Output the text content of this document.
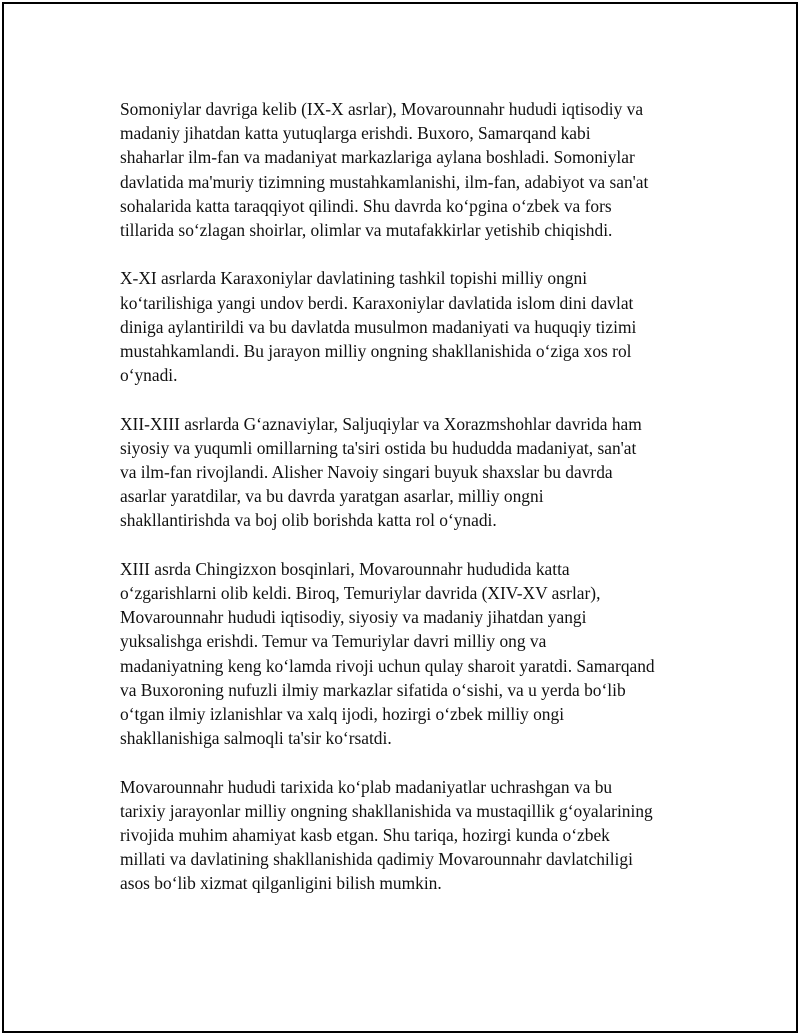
Somoniylar davriga kelib (IX-X asrlar), Movarounnahr hududi iqtisodiy va
madaniy jihatdan katta yutuqlarga erishdi. Buxoro, Samarqand kabi
shaharlar ilm-fan va madaniyat markazlariga aylana boshladi. Somoniylar
davlatida ma'muriy tizimning mustahkamlanishi, ilm-fan, adabiyot va san'at
sohalarida katta taraqqiyot qilindi. Shu davrda koʻpgina oʻzbek va fors
tillarida soʻzlagan shoirlar, olimlar va mutafakkirlar yetishib chiqishdi.

X-XI asrlarda Karaxoniylar davlatining tashkil topishi milliy ongni
koʻtarilishiga yangi undov berdi. Karaxoniylar davlatida islom dini davlat
diniga aylantirildi va bu davlatda musulmon madaniyati va huquqiy tizimi
mustahkamlandi. Bu jarayon milliy ongning shakllanishida oʻziga xos rol
oʻynadi.

XII-XIII asrlarda Gʻaznaviylar, Saljuqiylar va Xorazmshohlar davrida ham
siyosiy va yuqumli omillarning ta'siri ostida bu hududda madaniyat, san'at
va ilm-fan rivojlandi. Alisher Navoiy singari buyuk shaxslar bu davrda
asarlar yaratdilar, va bu davrda yaratgan asarlar, milliy ongni
shakllantirishda va boj olib borishda katta rol oʻynadi.

XIII asrda Chingizxon bosqinlari, Movarounnahr hududida katta
oʻzgarishlarni olib keldi. Biroq, Temuriylar davrida (XIV-XV asrlar),
Movarounnahr hududi iqtisodiy, siyosiy va madaniy jihatdan yangi
yuksalishga erishdi. Temur va Temuriylar davri milliy ong va
madaniyatning keng koʻlamda rivoji uchun qulay sharoit yaratdi. Samarqand
va Buxoroning nufuzli ilmiy markazlar sifatida oʻsishi, va u yerda boʻlib
oʻtgan ilmiy izlanishlar va xalq ijodi, hozirgi oʻzbek milliy ongi
shakllanishiga salmoqli ta'sir koʻrsatdi.

Movarounnahr hududi tarixida koʻplab madaniyatlar uchrashgan va bu
tarixiy jarayonlar milliy ongning shakllanishida va mustaqillik gʻoyalarining
rivojida muhim ahamiyat kasb etgan. Shu tariqa, hozirgi kunda oʻzbek
millati va davlatining shakllanishida qadimiy Movarounnahr davlatchiligi
asos boʻlib xizmat qilganligini bilish mumkin.
